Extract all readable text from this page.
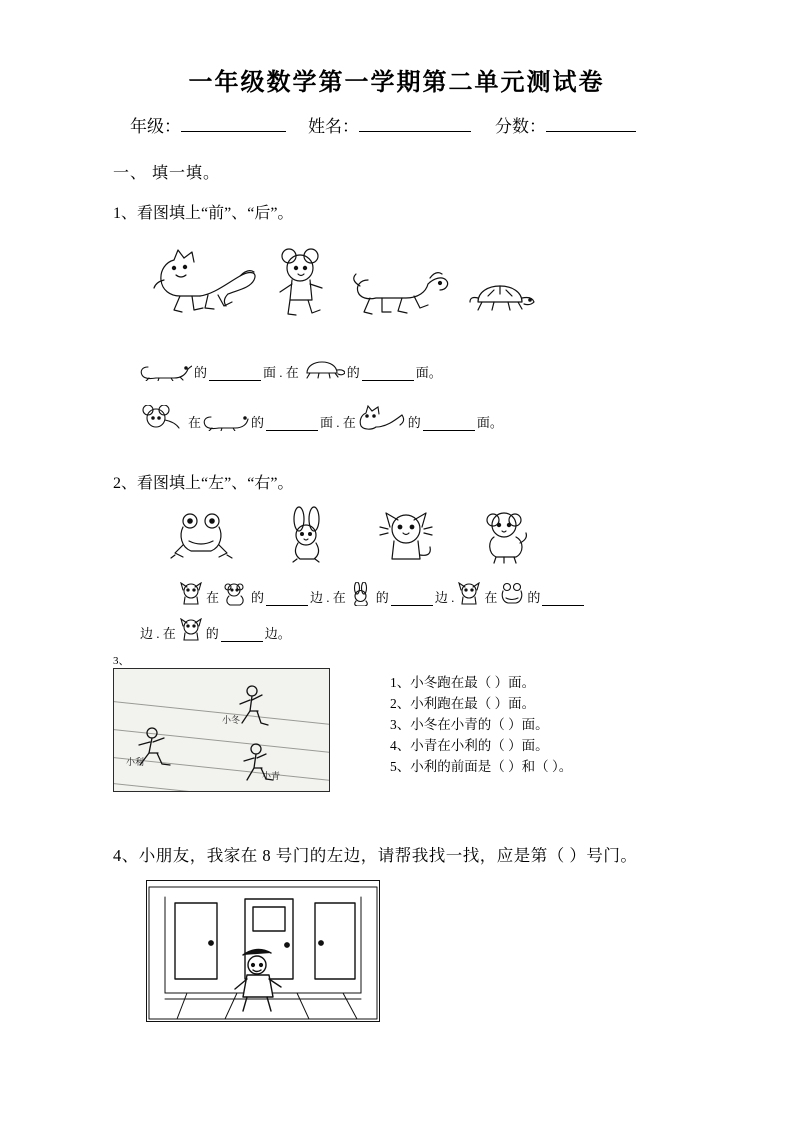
一年级数学第一学期第二单元测试卷
年级：	姓名：	分数：
一、 填一填。
1、看图填上“前”、“后”。
的	面 . 在	的	面。
在	的	面 . 在	的	面。
2、看图填上“左”、“右”。
在 的	边 . 在 的	边 . 在 的
边 . 在 的	边。
3、
小冬
小利
小青
1、小冬跑在最（ ）面。
2、小利跑在最（ ）面。
3、小冬在小青的（ ）面。
4、小青在小利的（ ）面。
5、小利的前面是（ ）和（ ）。
4、小朋友，我家在 8 号门的左边，请帮我找一找，应是第（ ）号门。
